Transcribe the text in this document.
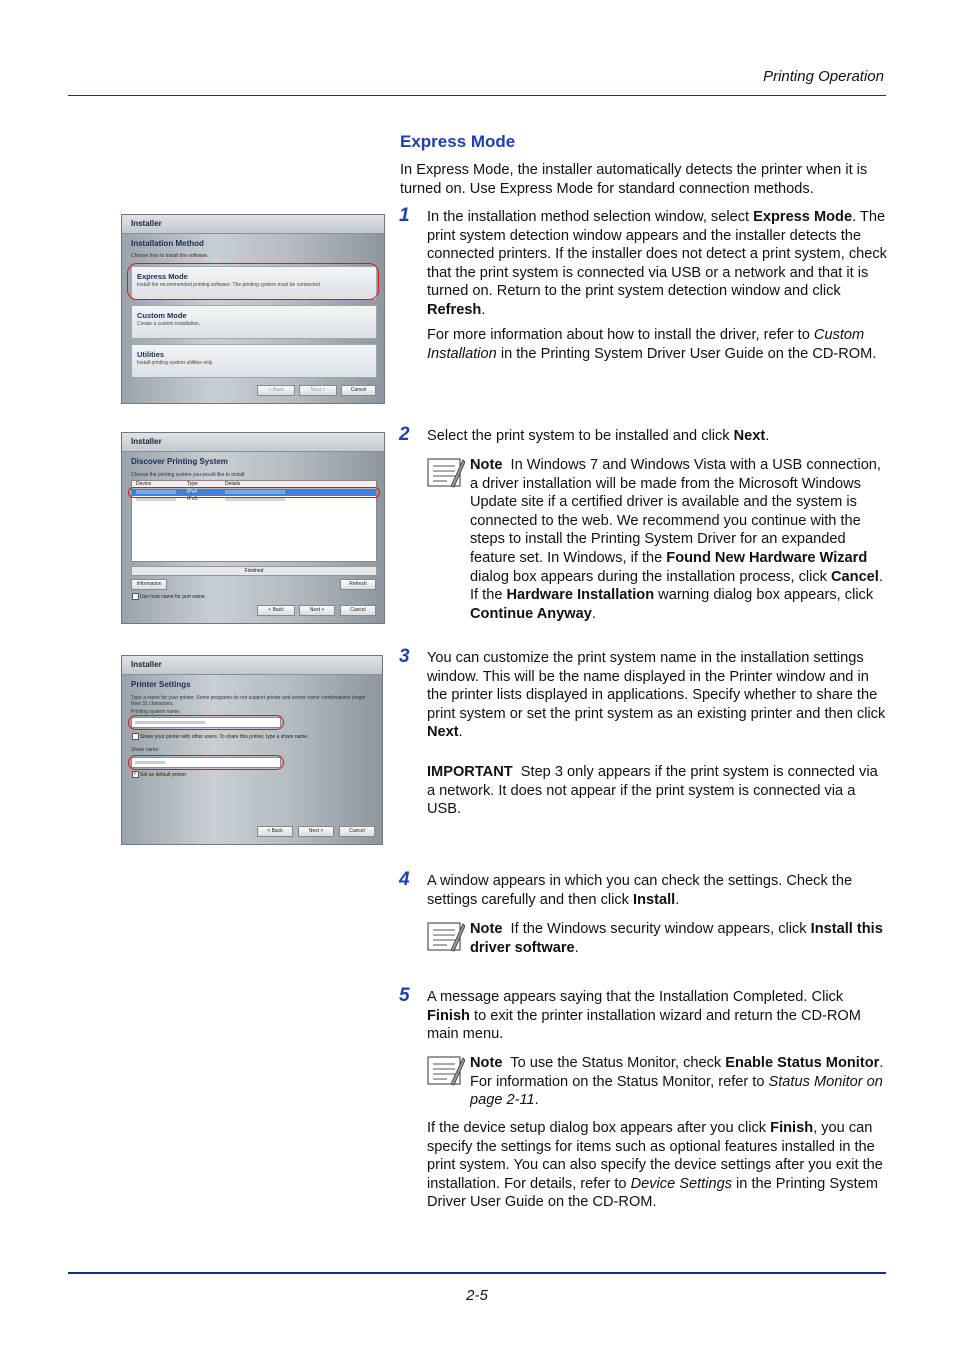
Printing Operation
Express Mode
In Express Mode, the installer automatically detects the printer when it is turned on. Use Express Mode for standard connection methods.
Installer
Installation Method
Choose how to install the software.
Express Mode
Install the recommended printing software. The printing system must be connected.
Custom Mode
Create a custom installation.
Utilities
Install printing system utilities only.
< Back	Next >	Cancel
1 In the installation method selection window, select Express Mode. The print system detection window appears and the installer detects the connected printers. If the installer does not detect a print system, check that the print system is connected via USB or a network and that it is turned on. Return to the print system detection window and click Refresh.
For more information about how to install the driver, refer to Custom Installation in the Printing System Driver User Guide on the CD-ROM.
Installer
Discover Printing System
Choose the printing system you would like to install:
Device	Type	Details
IPv4
IPv6
Finished
Information	Refresh
Use host name for port name
< Back	Next >	Cancel
2 Select the print system to be installed and click Next.
Note  In Windows 7 and Windows Vista with a USB connection, a driver installation will be made from the Microsoft Windows Update site if a certified driver is available and the system is connected to the web. We recommend you continue with the steps to install the Printing System Driver for an expanded feature set. In Windows, if the Found New Hardware Wizard dialog box appears during the installation process, click Cancel. If the Hardware Installation warning dialog box appears, click Continue Anyway.
Installer
Printer Settings
Type a name for your printer. Some programs do not support printer and server name combinations longer than 31 characters.
Printing system name:
Share your printer with other users. To share this printer, type a share name.
Share name:
✓ Set as default printer
< Back	Next >	Cancel
3 You can customize the print system name in the installation settings window. This will be the name displayed in the Printer window and in the printer lists displayed in applications. Specify whether to share the print system or set the print system as an existing printer and then click Next.
IMPORTANT  Step 3 only appears if the print system is connected via a network. It does not appear if the print system is connected via a USB.
4 A window appears in which you can check the settings. Check the settings carefully and then click Install.
Note  If the Windows security window appears, click Install this driver software.
5 A message appears saying that the Installation Completed. Click Finish to exit the printer installation wizard and return the CD-ROM main menu.
Note  To use the Status Monitor, check Enable Status Monitor. For information on the Status Monitor, refer to Status Monitor on page 2-11.
If the device setup dialog box appears after you click Finish, you can specify the settings for items such as optional features installed in the print system. You can also specify the device settings after you exit the installation. For details, refer to Device Settings in the Printing System Driver User Guide on the CD-ROM.
2-5
